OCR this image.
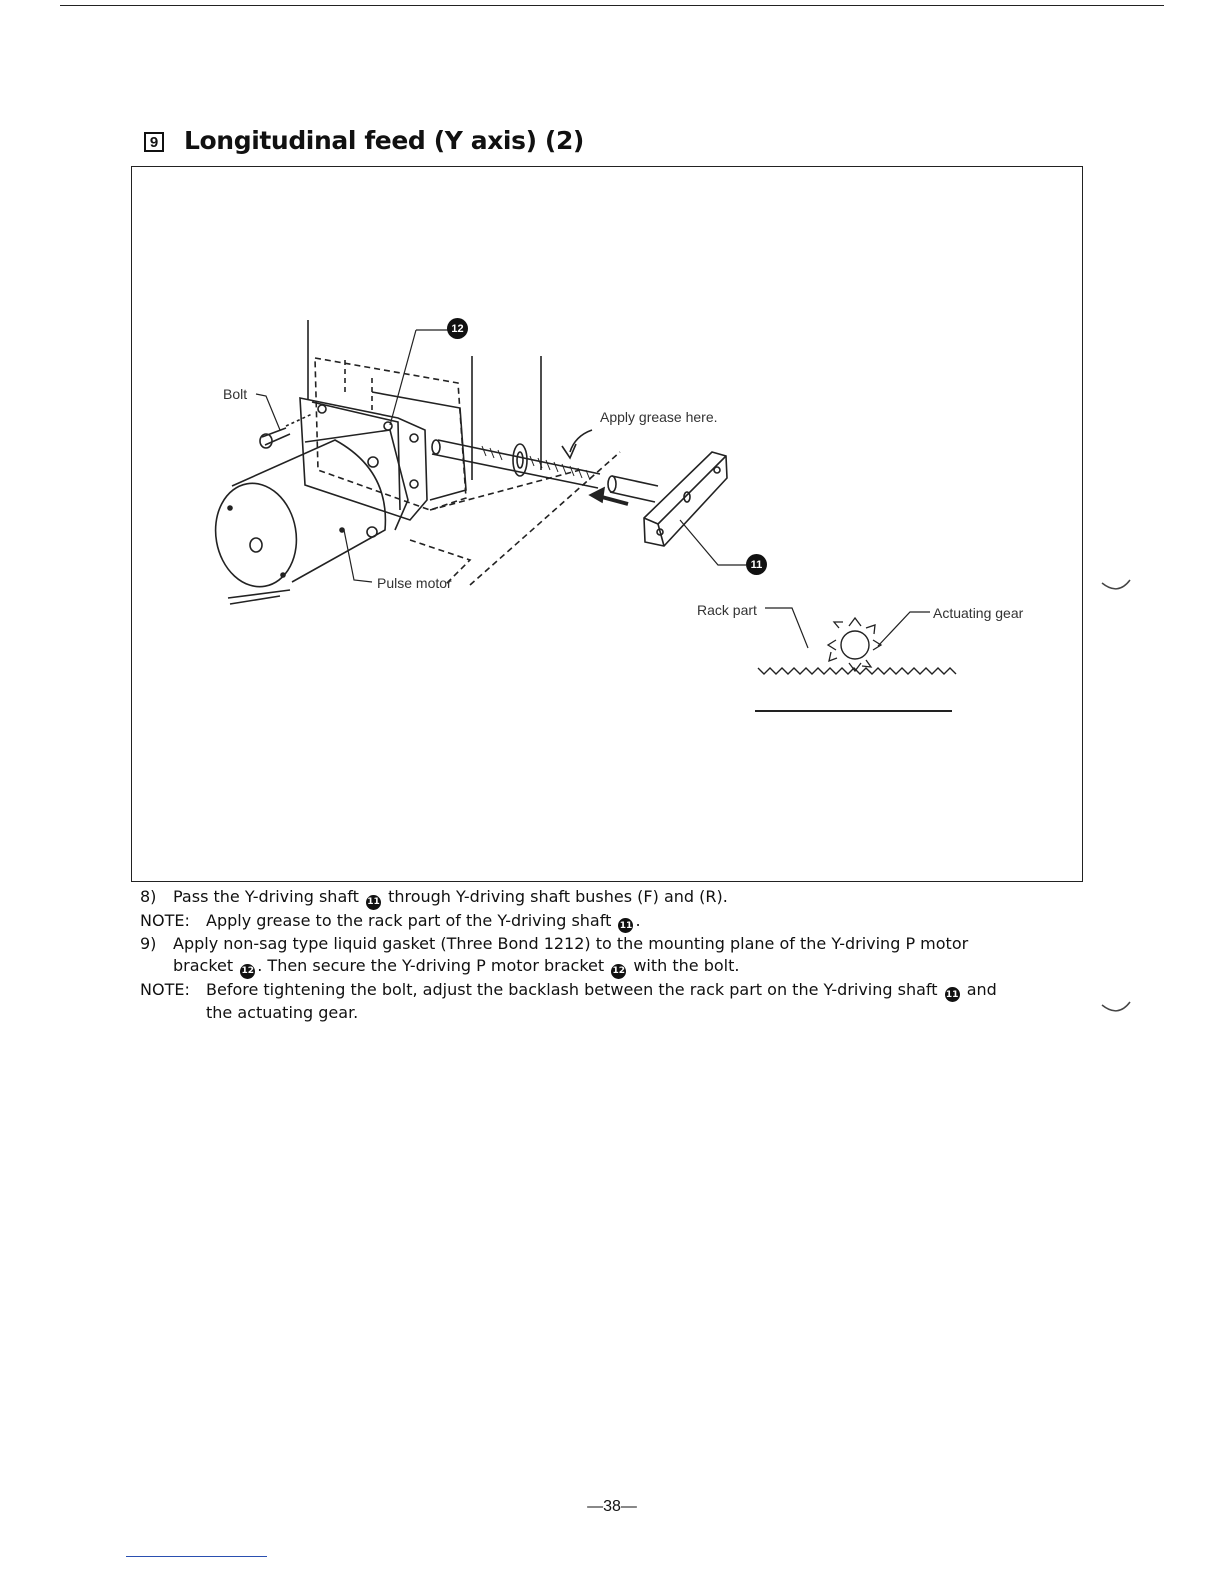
9 Longitudinal feed (Y axis) (2)
Bolt
Apply grease here.
Pulse motor
Rack part	Actuating gear
12
11
8)	Pass the Y-driving shaft 11 through Y-driving shaft bushes (F) and (R).
NOTE:	Apply grease to the rack part of the Y-driving shaft 11 .
9)	Apply non-sag type liquid gasket (Three Bond 1212) to the mounting plane of the Y-driving P motor
bracket 12 . Then secure the Y-driving P motor bracket 12 with the bolt.
NOTE:	Before tightening the bolt, adjust the backlash between the rack part on the Y-driving shaft 11 and
the actuating gear.
—38—
